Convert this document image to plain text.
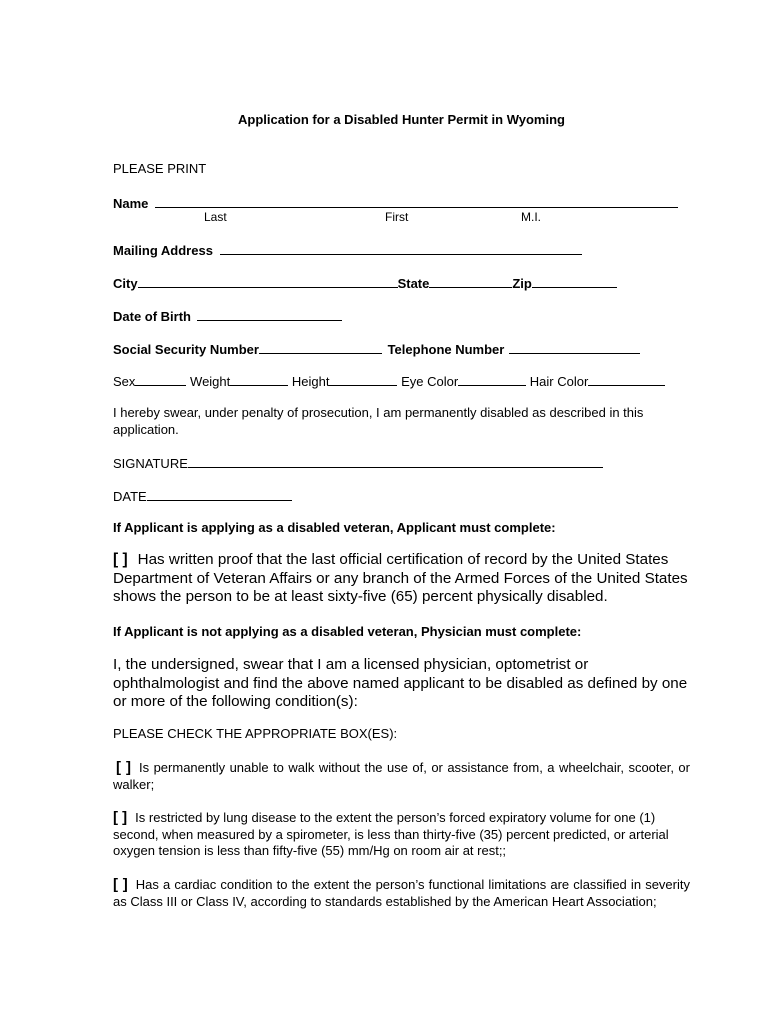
Application for a Disabled Hunter Permit in Wyoming
PLEASE PRINT
Name
Last	First	M.I.
Mailing Address
City	State	Zip
Date of Birth
Social Security Number	Telephone Number
Sex	Weight	Height	Eye Color	Hair Color
I hereby swear, under penalty of prosecution, I am permanently disabled as described in this application.
SIGNATURE
DATE
If Applicant is applying as a disabled veteran, Applicant must complete:
[ ] Has written proof that the last official certification of record by the United States Department of Veteran Affairs or any branch of the Armed Forces of the United States shows the person to be at least sixty-five (65) percent physically disabled.
If Applicant is not applying as a disabled veteran, Physician must complete:
I, the undersigned, swear that I am a licensed physician, optometrist or ophthalmologist and find the above named applicant to be disabled as defined by one or more of the following condition(s):
PLEASE CHECK THE APPROPRIATE BOX(ES):
[ ] Is permanently unable to walk without the use of, or assistance from, a wheelchair, scooter, or walker;
[ ] Is restricted by lung disease to the extent the person’s forced expiratory volume for one (1) second, when measured by a spirometer, is less than thirty-five (35) percent predicted, or arterial oxygen tension is less than fifty-five (55) mm/Hg on room air at rest;;
[ ] Has a cardiac condition to the extent the person’s functional limitations are classified in severity as Class III or Class IV, according to standards established by the American Heart Association;
